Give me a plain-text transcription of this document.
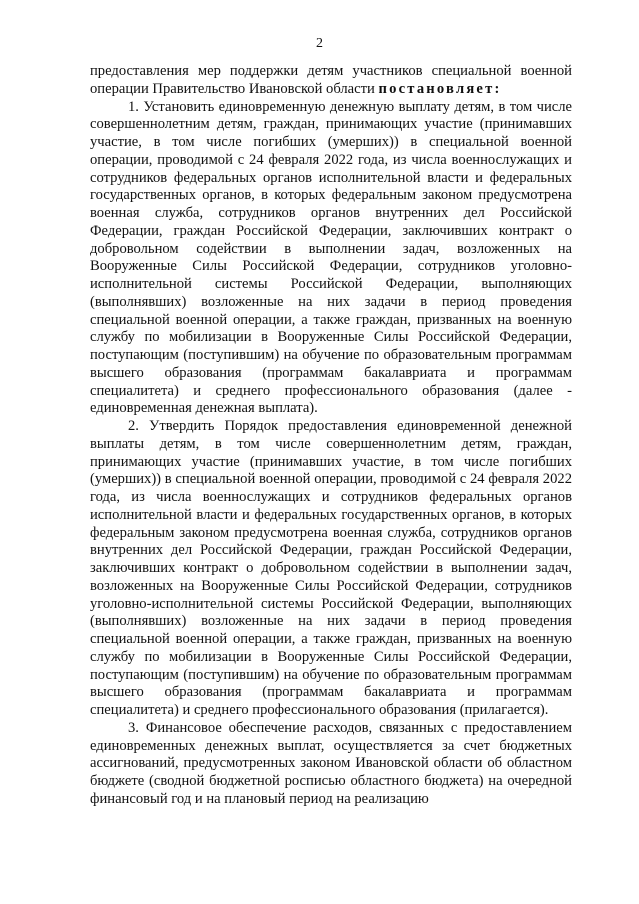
2

предоставления мер поддержки детям участников специальной военной операции Правительство Ивановской области постановляет:

1. Установить единовременную денежную выплату детям, в том числе совершеннолетним детям, граждан, принимающих участие (принимавших участие, в том числе погибших (умерших)) в специальной военной операции, проводимой с 24 февраля 2022 года, из числа военнослужащих и сотрудников федеральных органов исполнительной власти и федеральных государственных органов, в которых федеральным законом предусмотрена военная служба, сотрудников органов внутренних дел Российской Федерации, граждан Российской Федерации, заключивших контракт о добровольном содействии в выполнении задач, возложенных на Вооруженные Силы Российской Федерации, сотрудников уголовно-исполнительной системы Российской Федерации, выполняющих (выполнявших) возложенные на них задачи в период проведения специальной военной операции, а также граждан, призванных на военную службу по мобилизации в Вооруженные Силы Российской Федерации, поступающим (поступившим) на обучение по образовательным программам высшего образования (программам бакалавриата и программам специалитета) и среднего профессионального образования (далее - единовременная денежная выплата).

2. Утвердить Порядок предоставления единовременной денежной выплаты детям, в том числе совершеннолетним детям, граждан, принимающих участие (принимавших участие, в том числе погибших (умерших)) в специальной военной операции, проводимой с 24 февраля 2022 года, из числа военнослужащих и сотрудников федеральных органов исполнительной власти и федеральных государственных органов, в которых федеральным законом предусмотрена военная служба, сотрудников органов внутренних дел Российской Федерации, граждан Российской Федерации, заключивших контракт о добровольном содействии в выполнении задач, возложенных на Вооруженные Силы Российской Федерации, сотрудников уголовно-исполнительной системы Российской Федерации, выполняющих (выполнявших) возложенные на них задачи в период проведения специальной военной операции, а также граждан, призванных на военную службу по мобилизации в Вооруженные Силы Российской Федерации, поступающим (поступившим) на обучение по образовательным программам высшего образования (программам бакалавриата и программам специалитета) и среднего профессионального образования (прилагается).

3. Финансовое обеспечение расходов, связанных с предоставлением единовременных денежных выплат, осуществляется за счет бюджетных ассигнований, предусмотренных законом Ивановской области об областном бюджете (сводной бюджетной росписью областного бюджета) на очередной финансовый год и на плановый период на реализацию
